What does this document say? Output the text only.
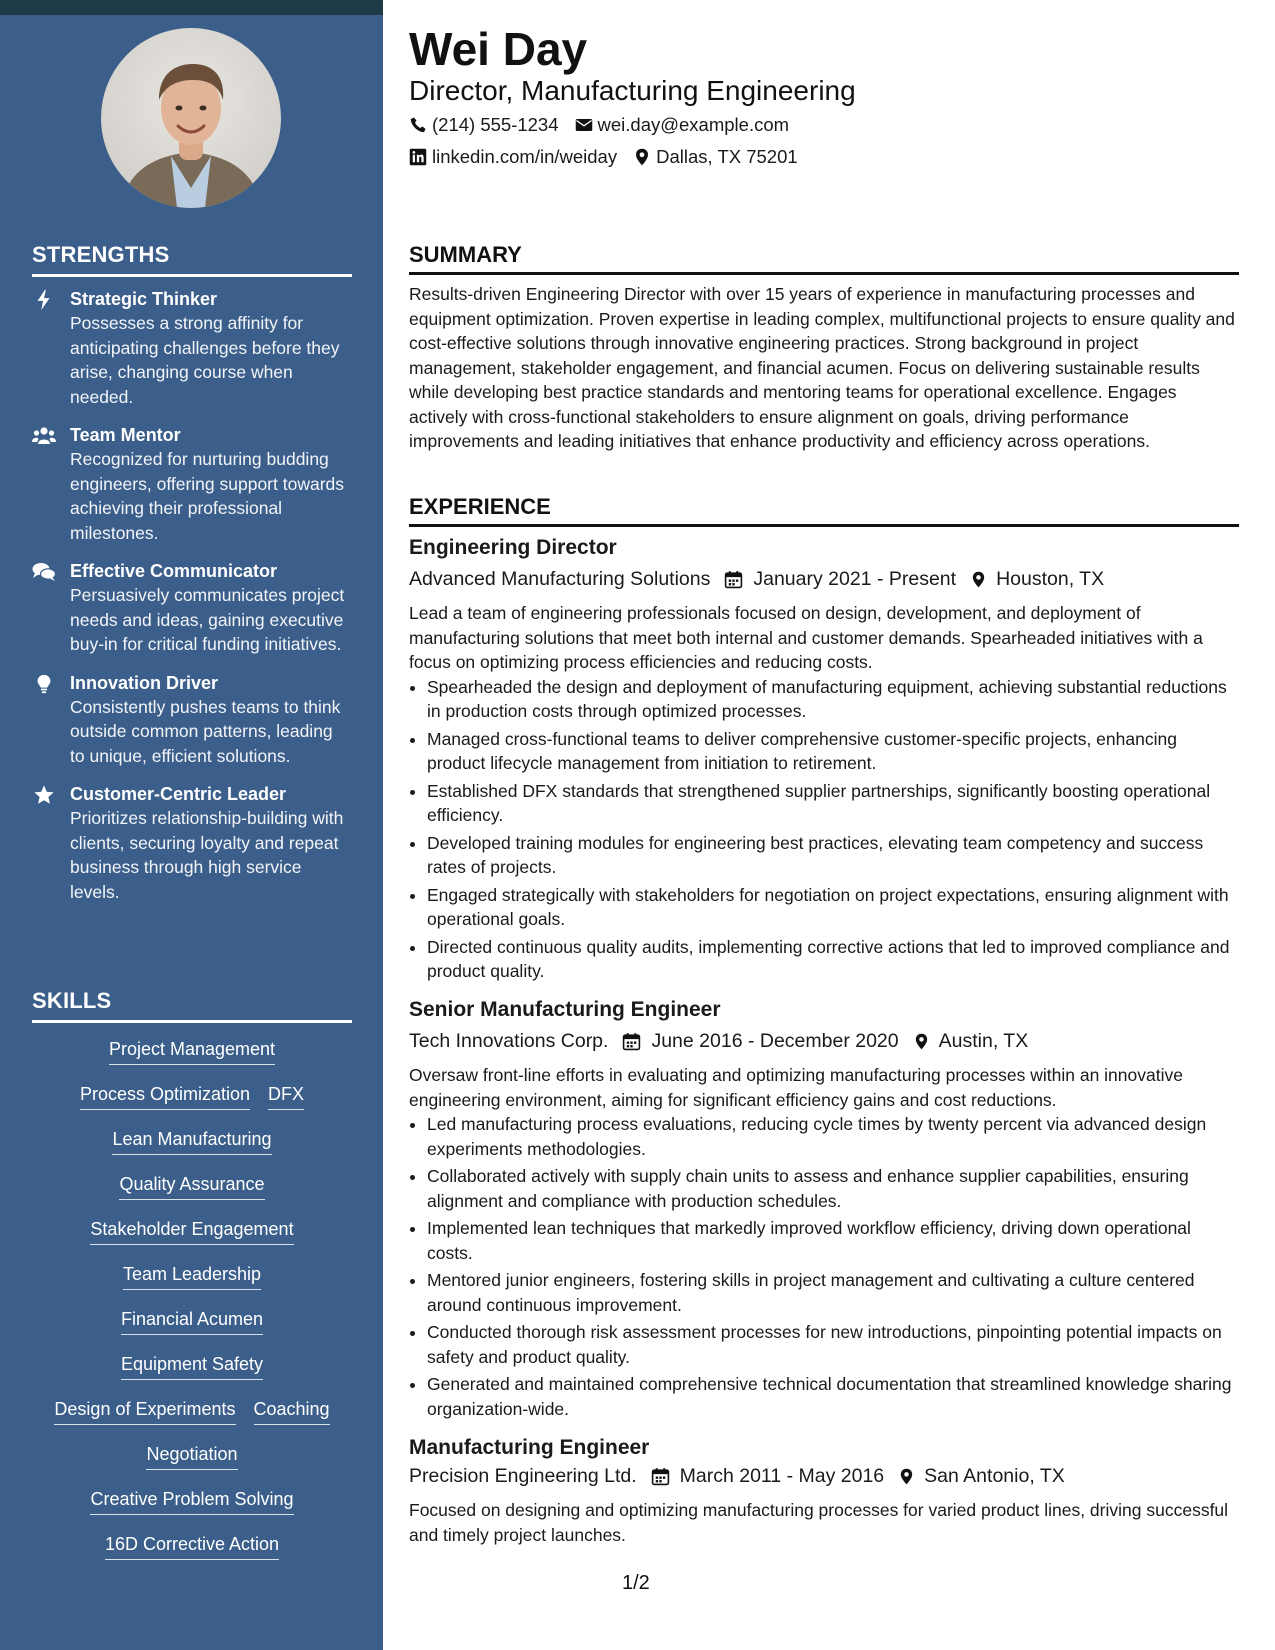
STRENGTHS
Strategic Thinker
Possesses a strong affinity for anticipating challenges before they arise, changing course when needed.
Team Mentor
Recognized for nurturing budding engineers, offering support towards achieving their professional milestones.
Effective Communicator
Persuasively communicates project needs and ideas, gaining executive buy-in for critical funding initiatives.
Innovation Driver
Consistently pushes teams to think outside common patterns, leading to unique, efficient solutions.
Customer-Centric Leader
Prioritizes relationship-building with clients, securing loyalty and repeat business through high service levels.
SKILLS
Project Management
Process Optimization DFX
Lean Manufacturing
Quality Assurance
Stakeholder Engagement
Team Leadership
Financial Acumen
Equipment Safety
Design of Experiments Coaching
Negotiation
Creative Problem Solving
16D Corrective Action
Wei Day
Director, Manufacturing Engineering
(214) 555-1234 wei.day@example.com
linkedin.com/in/weiday Dallas, TX 75201
SUMMARY

Results-driven Engineering Director with over 15 years of experience in manufacturing processes and equipment optimization. Proven expertise in leading complex, multifunctional projects to ensure quality and cost-effective solutions through innovative engineering practices. Strong background in project management, stakeholder engagement, and financial acumen. Focus on delivering sustainable results while developing best practice standards and mentoring teams for operational excellence. Engages actively with cross-functional stakeholders to ensure alignment on goals, driving performance improvements and leading initiatives that enhance productivity and efficiency across operations.

EXPERIENCE
Engineering Director
Advanced Manufacturing Solutions January 2021 - Present Houston, TX

Lead a team of engineering professionals focused on design, development, and deployment of manufacturing solutions that meet both internal and customer demands. Spearheaded initiatives with a focus on optimizing process efficiencies and reducing costs.

• Spearheaded the design and deployment of manufacturing equipment, achieving substantial reductions in production costs through optimized processes.
• Managed cross-functional teams to deliver comprehensive customer-specific projects, enhancing product lifecycle management from initiation to retirement.
• Established DFX standards that strengthened supplier partnerships, significantly boosting operational efficiency.
• Developed training modules for engineering best practices, elevating team competency and success rates of projects.
• Engaged strategically with stakeholders for negotiation on project expectations, ensuring alignment with operational goals.
• Directed continuous quality audits, implementing corrective actions that led to improved compliance and product quality.
Senior Manufacturing Engineer
Tech Innovations Corp. June 2016 - December 2020 Austin, TX

Oversaw front-line efforts in evaluating and optimizing manufacturing processes within an innovative engineering environment, aiming for significant efficiency gains and cost reductions.

• Led manufacturing process evaluations, reducing cycle times by twenty percent via advanced design experiments methodologies.
• Collaborated actively with supply chain units to assess and enhance supplier capabilities, ensuring alignment and compliance with production schedules.
• Implemented lean techniques that markedly improved workflow efficiency, driving down operational costs.
• Mentored junior engineers, fostering skills in project management and cultivating a culture centered around continuous improvement.
• Conducted thorough risk assessment processes for new introductions, pinpointing potential impacts on safety and product quality.
• Generated and maintained comprehensive technical documentation that streamlined knowledge sharing organization-wide.
Manufacturing Engineer
Precision Engineering Ltd. March 2011 - May 2016 San Antonio, TX

Focused on designing and optimizing manufacturing processes for varied product lines, driving successful and timely project launches.

1/2
